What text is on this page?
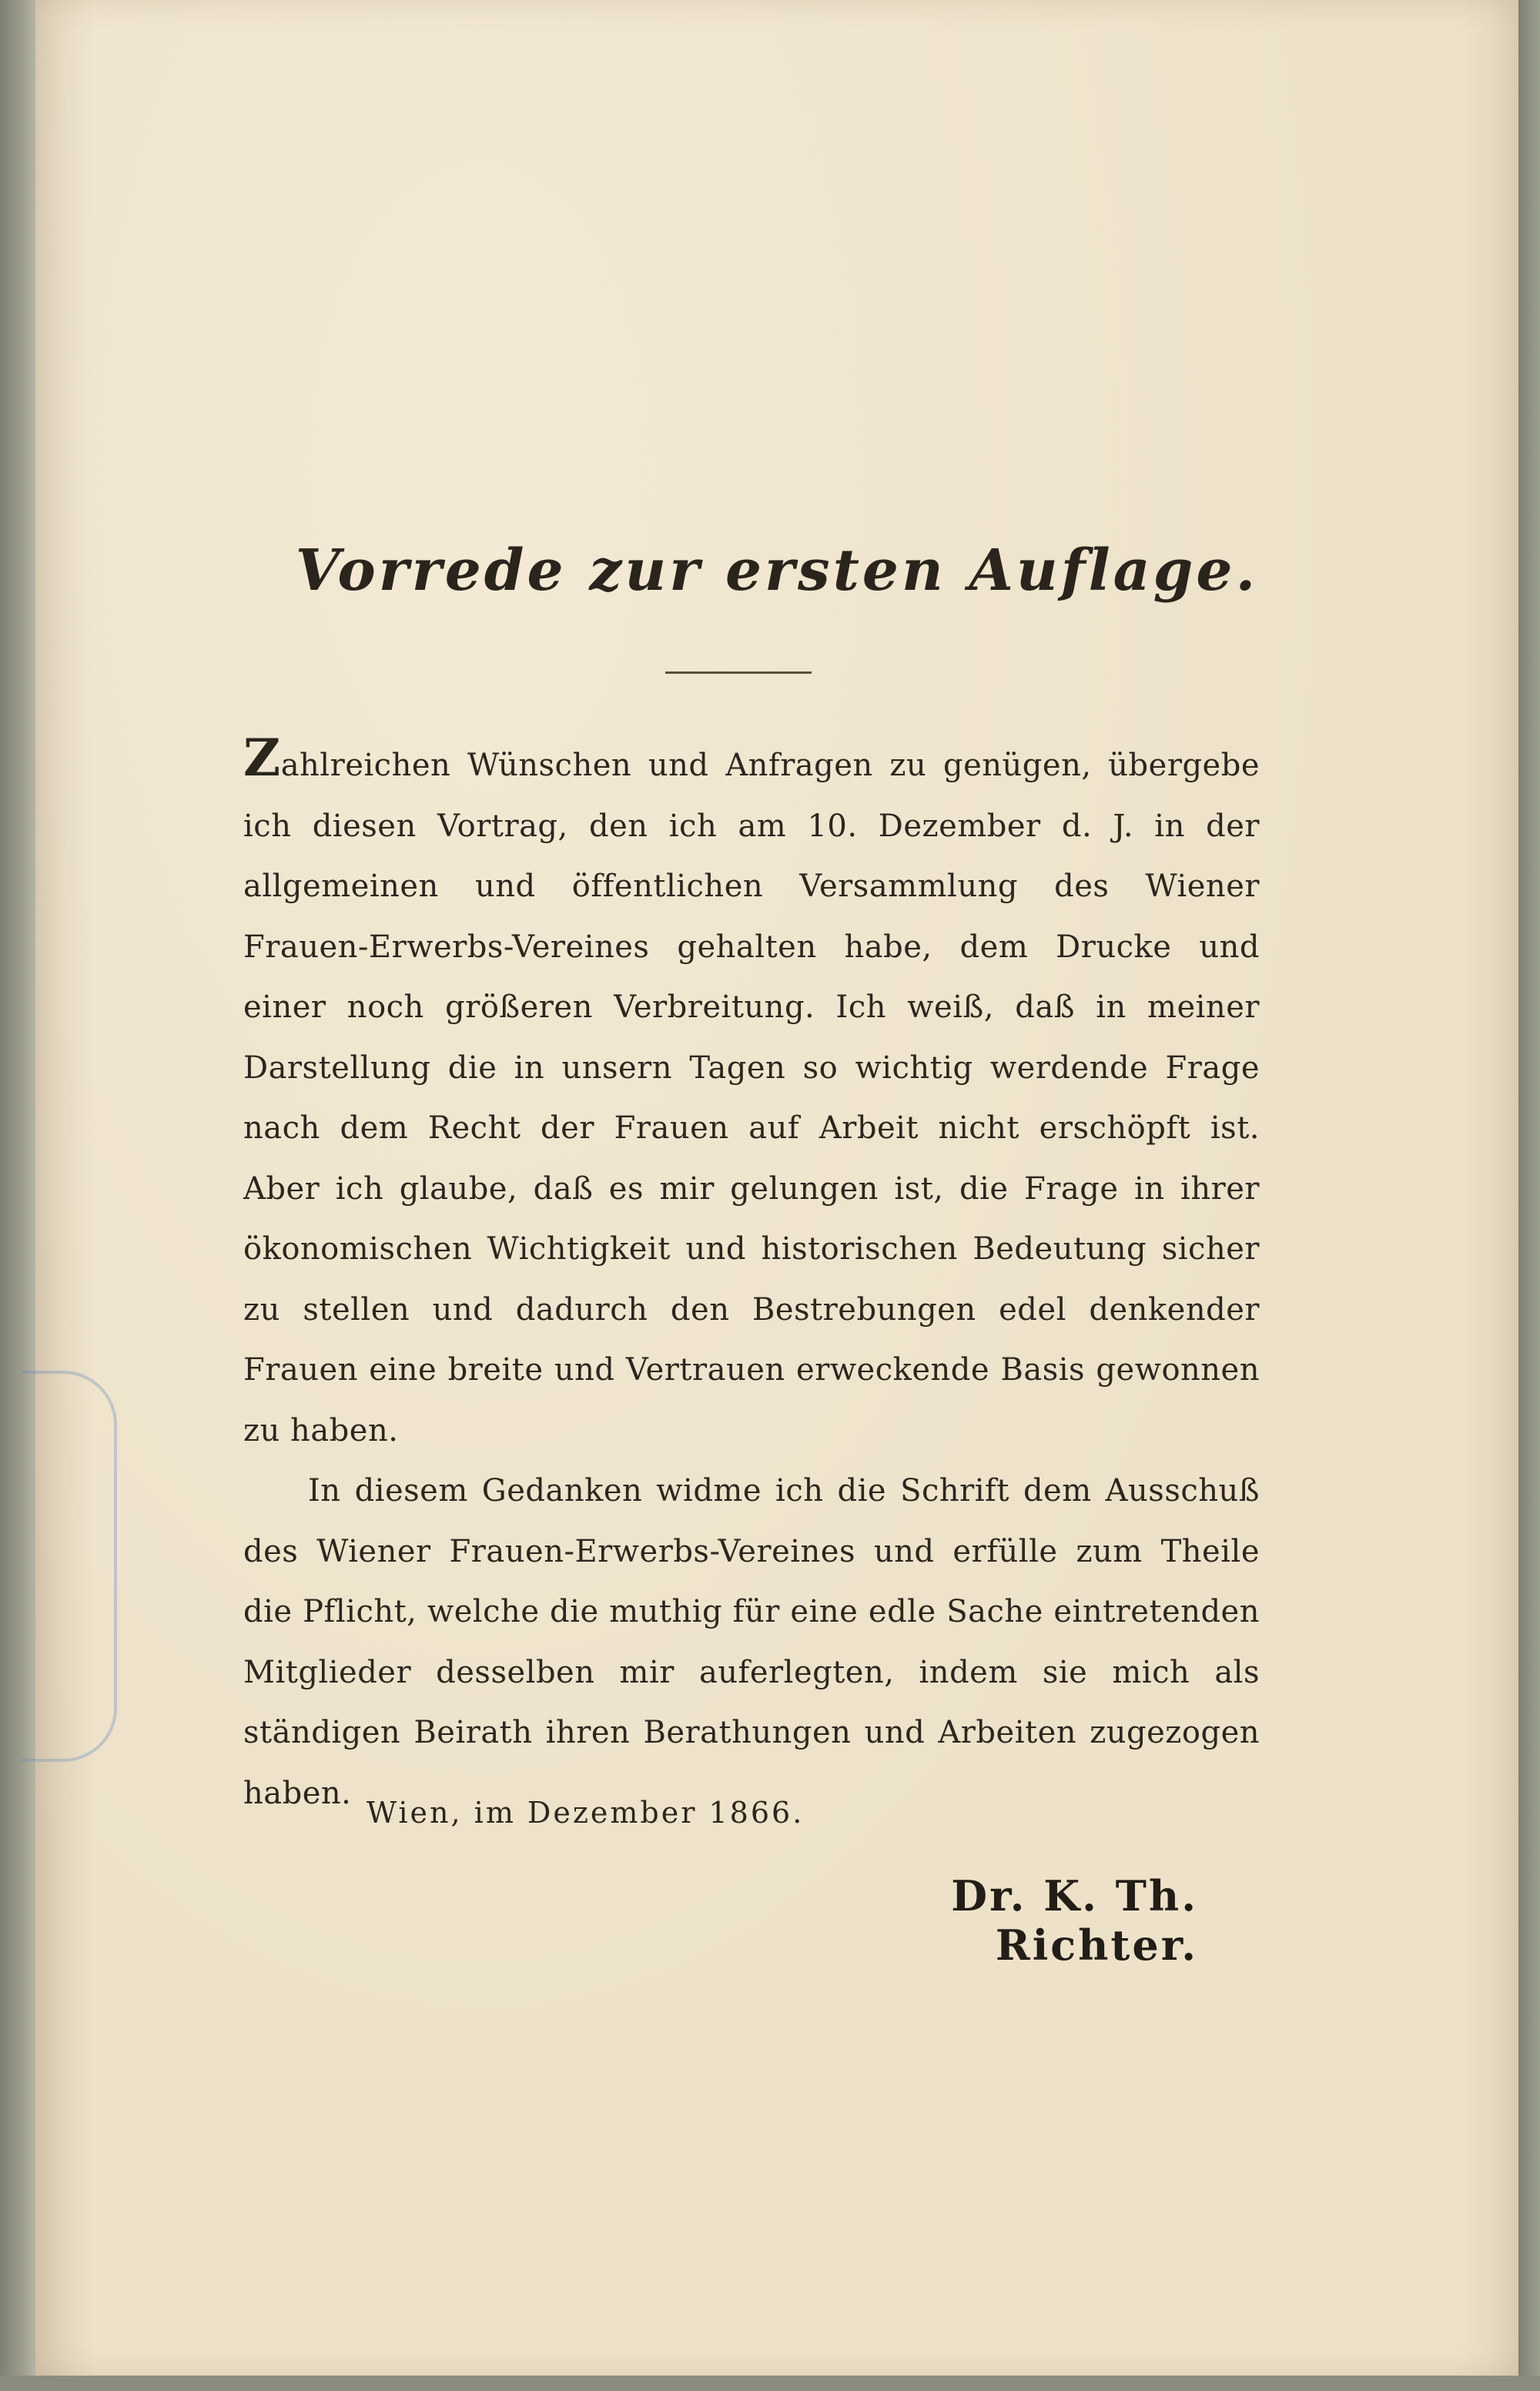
Vorrede zur ersten Auflage.

Zahlreichen Wünschen und Anfragen zu genügen, übergebe ich diesen Vortrag, den ich am 10. Dezember d. J. in der allgemeinen und öffentlichen Versammlung des Wiener Frauen-Erwerbs-Vereines gehalten habe, dem Drucke und einer noch größeren Verbreitung. Ich weiß, daß in meiner Darstellung die in unsern Tagen so wichtig werdende Frage nach dem Recht der Frauen auf Arbeit nicht erschöpft ist. Aber ich glaube, daß es mir gelungen ist, die Frage in ihrer ökonomischen Wichtigkeit und historischen Bedeutung sicher zu stellen und dadurch den Bestrebungen edel denkender Frauen eine breite und Vertrauen erweckende Basis gewonnen zu haben.

In diesem Gedanken widme ich die Schrift dem Ausschuß des Wiener Frauen-Erwerbs-Vereines und erfülle zum Theile die Pflicht, welche die muthig für eine edle Sache eintretenden Mitglieder desselben mir auferlegten, indem sie mich als ständigen Beirath ihren Berathungen und Arbeiten zugezogen haben.

Wien, im Dezember 1866.
Dr. K. Th. Richter.
